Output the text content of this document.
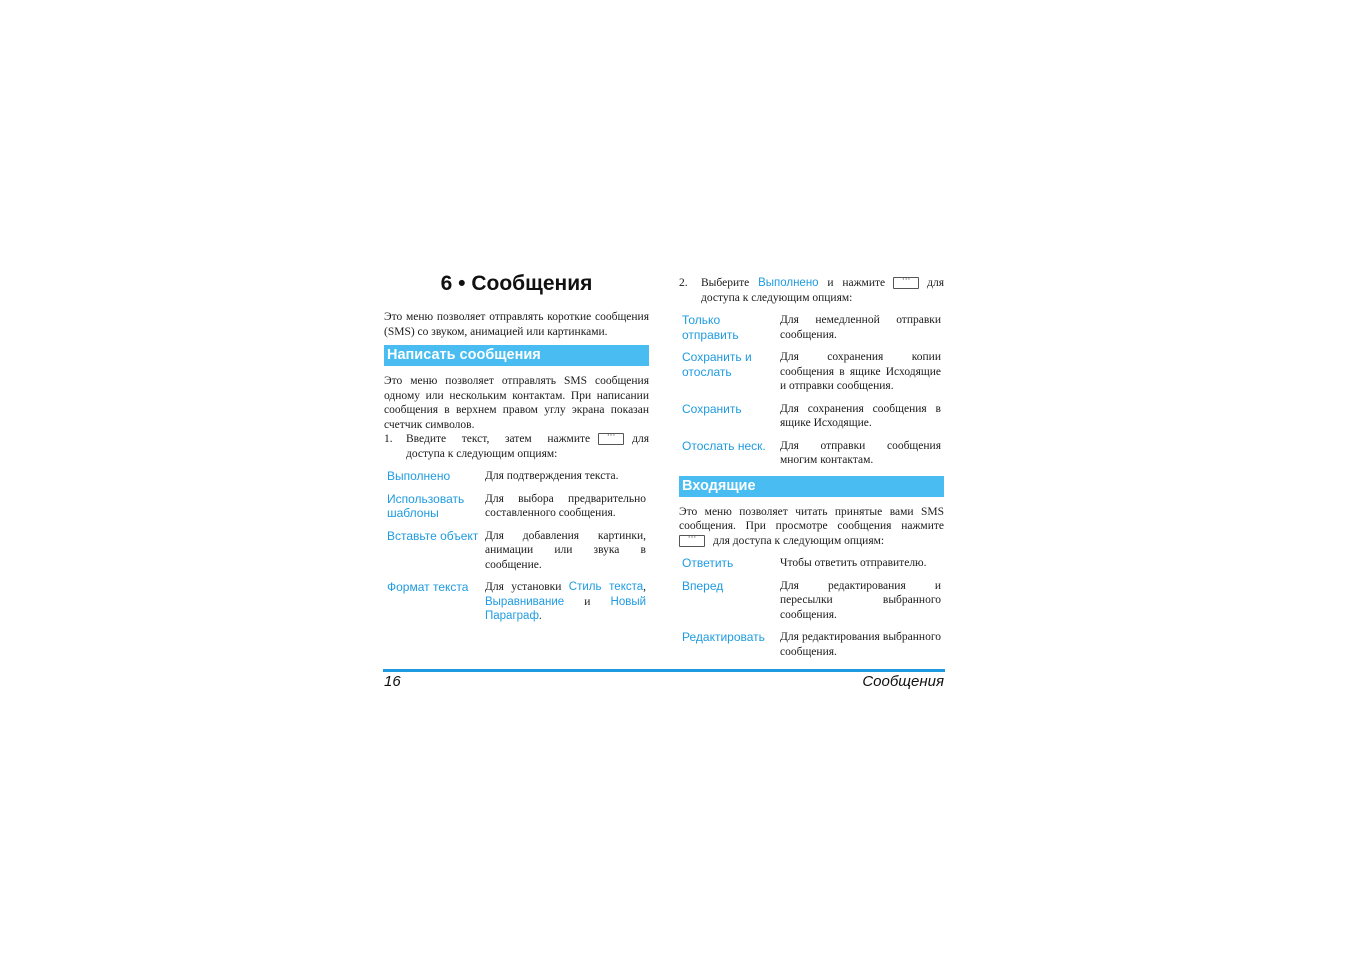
6 • Сообщения

Это меню позволяет отправлять короткие сообщения (SMS) со звуком, анимацией или картинками.

Написать сообщения

Это меню позволяет отправлять SMS сообщения одному или нескольким контактам. При написании сообщения в верхнем правом углу экрана показан счетчик символов.

1.	Введите текст, затем нажмите ···	для доступа к следующим опциям:
Выполнено	Для подтверждения текста.
Использовать шаблоны	Для выбора предварительно составленного сообщения.
Вставьте объект	Для добавления картинки, анимации или звука в сообщение.
Формат текста	Для установки Стиль текста, Выравнивание и Новый Параграф.
2.	Выберите Выполнено и нажмите···	для доступа к следующим опциям:
Только отправить	Для немедленной отправки сообщения.
Сохранить и отослать	Для сохранения копии сообщения в ящике Исходящие и отправки сообщения.
Сохранить	Для сохранения сообщения в ящике Исходящие.
Отослать неск.	Для отправки сообщения многим контактам.
Входящие

Это меню позволяет читать принятые вами SMS сообщения. При просмотре сообщения нажмите ···для доступа к следующим опциям:

Ответить	Чтобы ответить отправителю.
Вперед	Для редактирования и пересылки выбранного сообщения.
Редактировать	Для редактирования выбранного сообщения.
16	Сообщения
